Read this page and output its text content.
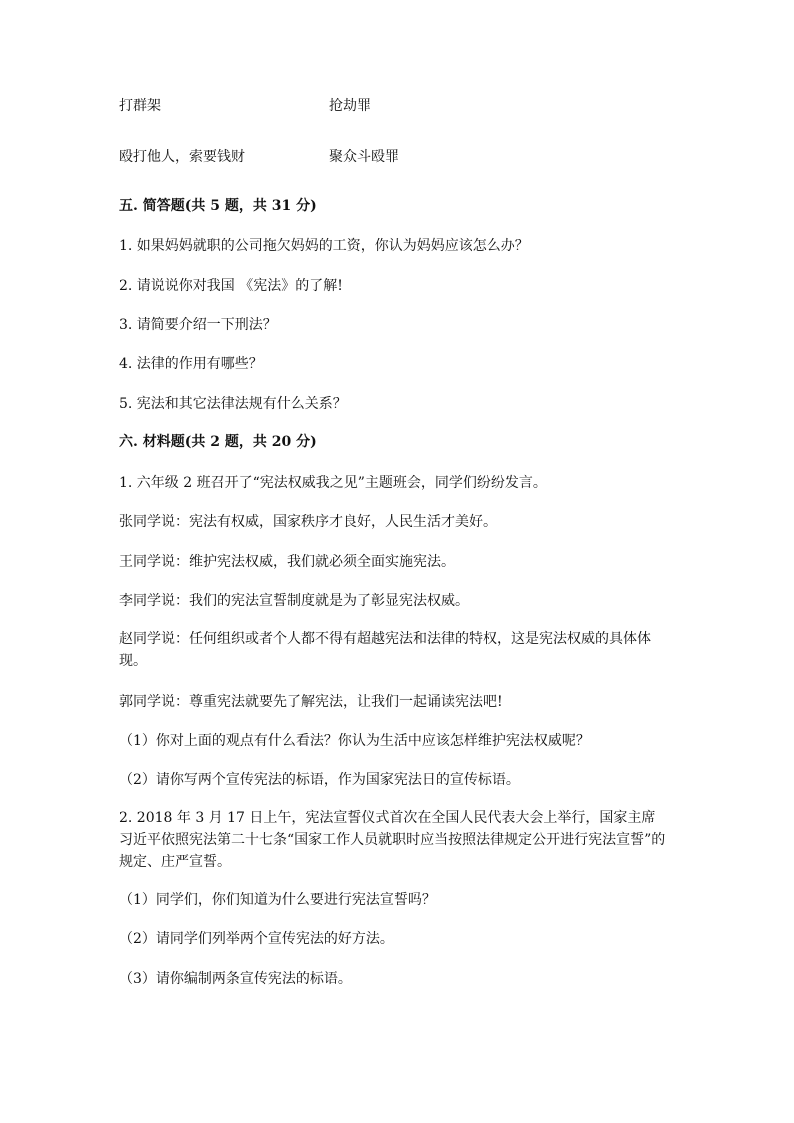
打群架	抢劫罪
殴打他人，索要钱财	聚众斗殴罪
五. 简答题(共 5 题，共 31 分)
1. 如果妈妈就职的公司拖欠妈妈的工资，你认为妈妈应该怎么办？
2. 请说说你对我国 《宪法》的了解!
3. 请简要介绍一下刑法？
4. 法律的作用有哪些？
5. 宪法和其它法律法规有什么关系？
六. 材料题(共 2 题，共 20 分)
1. 六年级 2 班召开了“宪法权威我之见”主题班会，同学们纷纷发言。
张同学说：宪法有权威，国家秩序才良好，人民生活才美好。
王同学说：维护宪法权威，我们就必须全面实施宪法。
李同学说：我们的宪法宣誓制度就是为了彰显宪法权威。
赵同学说：任何组织或者个人都不得有超越宪法和法律的特权，这是宪法权威的具体体现。
郭同学说：尊重宪法就要先了解宪法，让我们一起诵读宪法吧!
（1）你对上面的观点有什么看法？你认为生活中应该怎样维护宪法权威呢？
（2）请你写两个宣传宪法的标语，作为国家宪法日的宣传标语。
2. 2018 年 3 月 17 日上午，宪法宣誓仪式首次在全国人民代表大会上举行，国家主席习近平依照宪法第二十七条“国家工作人员就职时应当按照法律规定公开进行宪法宣誓”的规定、庄严宣誓。
（1）同学们，你们知道为什么要进行宪法宣誓吗？
（2）请同学们列举两个宣传宪法的好方法。
（3）请你编制两条宣传宪法的标语。
